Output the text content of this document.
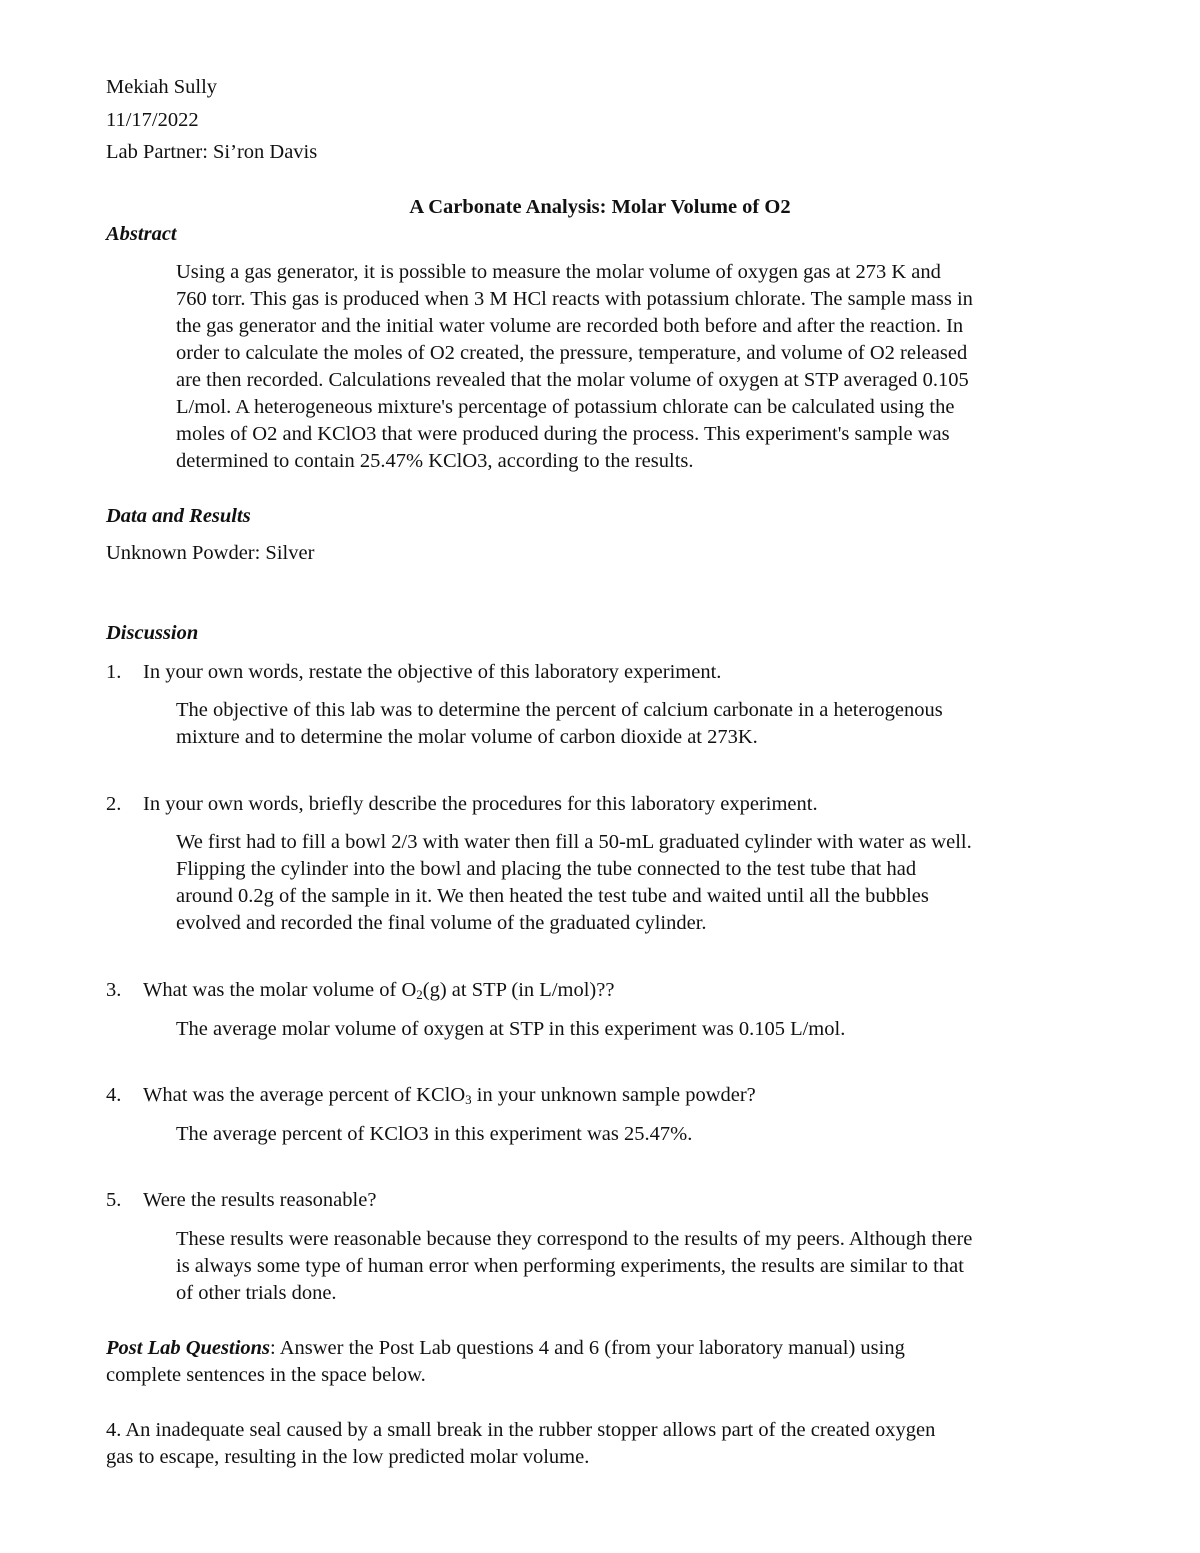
Mekiah Sully
11/17/2022
Lab Partner: Si’ron Davis
A Carbonate Analysis: Molar Volume of O2
Abstract
Using a gas generator, it is possible to measure the molar volume of oxygen gas at 273 K and
760 torr. This gas is produced when 3 M HCl reacts with potassium chlorate. The sample mass in
the gas generator and the initial water volume are recorded both before and after the reaction. In
order to calculate the moles of O2 created, the pressure, temperature, and volume of O2 released
are then recorded. Calculations revealed that the molar volume of oxygen at STP averaged 0.105
L/mol. A heterogeneous mixture's percentage of potassium chlorate can be calculated using the
moles of O2 and KClO3 that were produced during the process. This experiment's sample was
determined to contain 25.47% KClO3, according to the results.
Data and Results
Unknown Powder: Silver
Discussion
1. In your own words, restate the objective of this laboratory experiment.
The objective of this lab was to determine the percent of calcium carbonate in a heterogenous
mixture and to determine the molar volume of carbon dioxide at 273K.
2. In your own words, briefly describe the procedures for this laboratory experiment.
We first had to fill a bowl 2/3 with water then fill a 50-mL graduated cylinder with water as well.
Flipping the cylinder into the bowl and placing the tube connected to the test tube that had
around 0.2g of the sample in it. We then heated the test tube and waited until all the bubbles
evolved and recorded the final volume of the graduated cylinder.
3. What was the molar volume of $O_2(g)$ at STP (in L/mol)??
The average molar volume of oxygen at STP in this experiment was 0.105 L/mol.
4. What was the average percent of KClO$_3$ in your unknown sample powder?
The average percent of KClO3 in this experiment was 25.47%.
5. Were the results reasonable?
These results were reasonable because they correspond to the results of my peers. Although there
is always some type of human error when performing experiments, the results are similar to that
of other trials done.
Post Lab Questions: Answer the Post Lab questions 4 and 6 (from your laboratory manual) using
complete sentences in the space below.
4. An inadequate seal caused by a small break in the rubber stopper allows part of the created oxygen
gas to escape, resulting in the low predicted molar volume.
